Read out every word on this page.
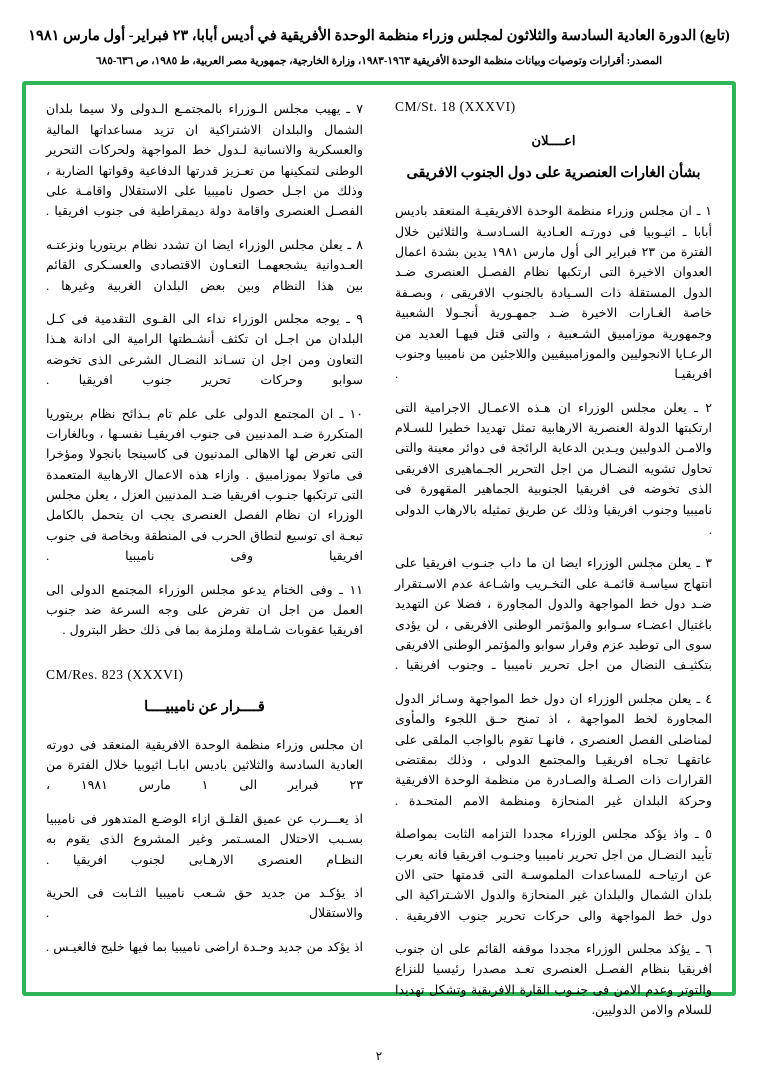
(تابع) الدورة العادية السادسة والثلاثون لمجلس وزراء منظمة الوحدة الأفريقية في أديس أبابا، ٢٣ فبراير- أول مارس ١٩٨١
المصدر: أقرارات وتوصيات وبيانات منظمة الوحدة الأفريقية ١٩٦٣-١٩٨٣، وزارة الخارجية، جمهورية مصر العربية، ط ١٩٨٥، ص ٦٣٦-٦٨٥
CM/St. 18 (XXXVI)
اعــــلان
بشأن الغارات العنصرية على دول الجنوب الافريقى

١ ـ ان مجلس وزراء منظمة الوحدة الافريقيـة المنعقد باديس أبابا ـ اثيـوبيا فى دورتـه العـادية السـادسـة والثلاثين خلال الفترة من ٢٣ فبراير الى أول مارس ١٩٨١ يدين بشدة اعمال العدوان الاخيرة التى ارتكبها نظام الفصـل العنصرى ضـد الدول المستقلة ذات السـيادة بالجنوب الافريقى ، وبصـفة خاصة الغـارات الاخيرة ضـد جمهـورية أنجـولا الشعبية وجمهورية موزامبيق الشـعبية ، والتى قتل فيهـا العديد من الرعـايا الانجوليين والموزامبيقيين واللاجئين من ناميبيا وجنوب افريقيـا .

٢ ـ يعلن مجلس الوزراء ان هـذه الاعمـال الاجرامية التى ارتكبتها الدولة العنصرية الارهابية تمثل تهديدا خطيرا للسـلام والامـن الدوليين ويـدين الدعاية الرائجة فى دوائر معينة والتى تحاول تشويه النضـال من اجل التحرير الجـماهيرى الافريقى الذى تخوضه فى افريقيا الجنوبية الجماهير المقهورة فى ناميبيا وجنوب افريقيا وذلك عن طريق تمثيله بالارهاب الدولى .

٣ ـ يعلن مجلس الوزراء ايضا ان ما داب جنـوب افريقيا على انتهاج سياسـة قائمـة على التخـريب واشـاعة عدم الاسـتقرار ضـد دول خط المواجهة والدول المجاورة ، فضلا عن التهديد باغتيال اعضـاء سـوابو والمؤتمر الوطنى الافريقى ، لن يؤدى سوى الى توطيد عزم وقرار سوابو والمؤتمر الوطنى الافريقى بتكثيـف النضال من اجل تحرير ناميبيا ـ وجنوب افريقيا .

٤ ـ يعلن مجلس الوزراء ان دول خط المواجهة وسـائر الدول المجاورة لخط المواجهة ، اذ تمنح حـق اللجوء والمأوى لمناضلى الفصل العنصرى ، فانهـا تقوم بالواجب الملقى على عاتقهـا تجـاه افريقيـا والمجتمع الدولى ، وذلك بمقتضى القرارات ذات الصـلة والصـادرة من منظمة الوحدة الافريقية وحركة البلدان غير المنحازة ومنظمة الامم المتحـدة .

٥ ـ واذ يؤكد مجلس الوزراء مجددا التزامه الثابت بمواصلة تأييد النضـال من اجل تحرير ناميبيا وجنـوب افريقيا فانه يعرب عن ارتياحـه للمساعدات الملموسـة التى قدمتها حتى الان بلدان الشمال والبلدان غير المنحازة والدول الاشـتراكية الى دول خط المواجهة والى حركات تحرير جنوب الافريقية .

٦ ـ يؤكد مجلس الوزراء مجددا موقفه القائم على ان جنوب افريقيا بنظام الفصـل العنصرى تعـد مصدرا رئيسيا للنزاع والتوتر وعدم الامن فى جنـوب القارة الافريقية وتشكل تهديدا للسلام والامن الدوليين.

٧ ـ يهيب مجلس الـوزراء بالمجتمـع الـدولى ولا سيما بلدان الشمال والبلدان الاشتراكية ان تزيد مساعداتها المالية والعسكرية والانسانية لـدول خط المواجهة ولحركات التحرير الوطنى لتمكينها من تعـزيز قدرتها الدفاعية وقواتها الضاربة ، وذلك من اجـل حصول ناميبيا على الاستقلال واقامـة على الفصـل العنصرى واقامة دولة ديمقراطية فى جنوب افريقيا .

٨ ـ يعلن مجلس الوزراء ايضا ان تشدد نظام بريتوريا ونزعتـه العـدوانية يشجعهمـا التعـاون الاقتصادى والعسـكرى القائم بين هذا النظام وبين بعض البلدان الغربية وغيرها .

٩ ـ يوجه مجلس الوزراء نداء الى القـوى التقدمية فى كـل البلدان من اجـل ان تكثف أنشـطتها الرامية الى ادانة هـذا التعاون ومن اجل ان تسـاند النضـال الشرعى الذى تخوضه سوابو وحركات تحرير جنوب افريقيا .

١٠ ـ ان المجتمع الدولى على علم تام بـذائح نظام بريتوريا المتكررة ضـد المدنيين فى جنوب افريقيـا نفسـها ، وبالغارات التى تعرض لها الاهالى المدنيون فى كاسينجا بانجولا ومؤخرا فى ماتولا بموزامبيق . وازاء هذه الاعمال الارهابية المتعمدة التى ترتكبها جنـوب افريقيا ضـد المدنيين العزل ، يعلن مجلس الوزراء ان نظام الفصل العنصرى يجب ان يتحمل بالكامل تبعـة اى توسيع لنطاق الحرب فى المنطقة وبخاصة فى جنوب افريقيا وفى ناميبيا .

١١ ـ وفى الختام يدعو مجلس الوزراء المجتمع الدولى الى العمل من اجل ان تفرض على وجه السرعة ضد جنوب افريقيا عقوبات شـاملة وملزمة بما فى ذلك حظر البترول .

CM/Res. 823 (XXXVI)
قــــرار عن ناميبيــــا

ان مجلس وزراء منظمة الوحدة الافريقية المنعقد فى دورته العادية السادسة والثلاثين باديس ابابـا اثيوبيا خلال الفترة من ٢٣ فبراير الى ١ مارس ١٩٨١ ،

اذ يعـــرب عن عميق القلـق ازاء الوضـع المتدهور فى ناميبيا بسـبب الاحتلال المسـتمر وغير المشروع الذى يقوم به النظـام العنصرى الارهـابى لجنوب افريقيا .

اذ يؤكـد من جديد حق شـعب ناميبيا الثـابت فى الحرية والاستقلال .

اذ يؤكد من جديد وحـدة اراضى ناميبيا بما فيها خليج فالغيـس .

٢
